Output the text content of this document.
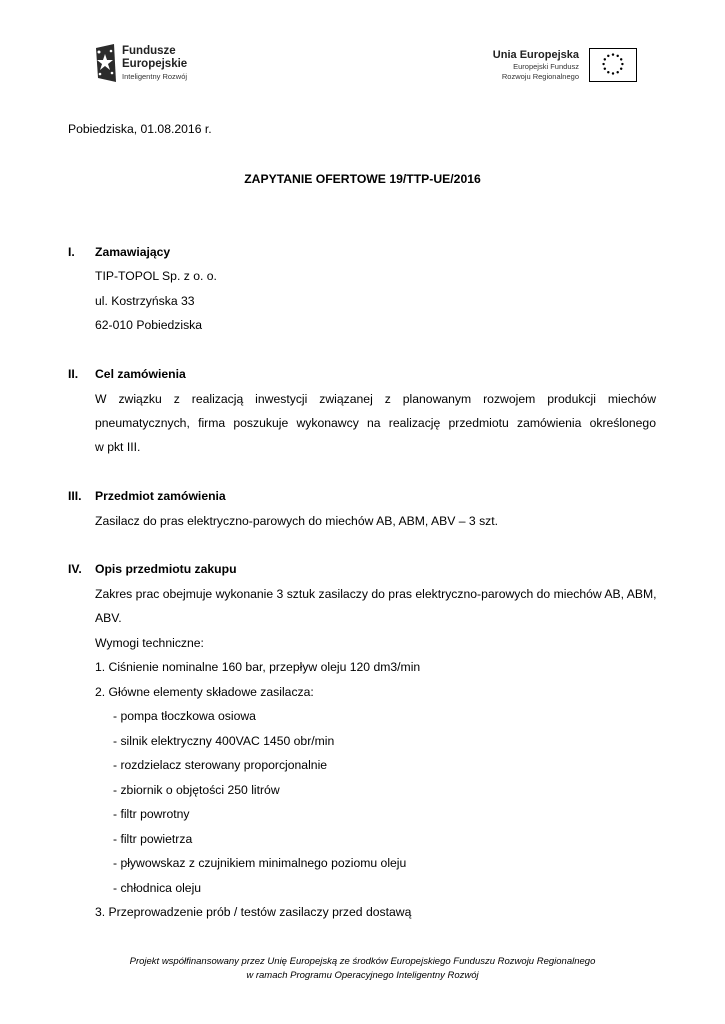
Fundusze
Europejskie
Inteligentny Rozwój
Unia Europejska
Europejski Fundusz
Rozwoju Regionalnego
Pobiedziska, 01.08.2016 r.
ZAPYTANIE OFERTOWE 19/TTP-UE/2016
I. Zamawiający
TIP-TOPOL Sp. z o. o.
ul. Kostrzyńska 33
62-010 Pobiedziska
II. Cel zamówienia
W związku z realizacją inwestycji związanej z planowanym rozwojem produkcji miechów
pneumatycznych, firma poszukuje wykonawcy na realizację przedmiotu zamówienia określonego
w pkt III.
III. Przedmiot zamówienia
Zasilacz do pras elektryczno-parowych do miechów AB, ABM, ABV – 3 szt.
IV. Opis przedmiotu zakupu
Zakres prac obejmuje wykonanie 3 sztuk zasilaczy do pras elektryczno-parowych do miechów AB, ABM,
ABV.
Wymogi techniczne:
1. Ciśnienie nominalne 160 bar, przepływ oleju 120 dm3/min
2. Główne elementy składowe zasilacza:
- pompa tłoczkowa osiowa
- silnik elektryczny 400VAC 1450 obr/min
- rozdzielacz sterowany proporcjonalnie
- zbiornik o objętości 250 litrów
- filtr powrotny
- filtr powietrza
- pływowskaz z czujnikiem minimalnego poziomu oleju
- chłodnica oleju
3. Przeprowadzenie prób / testów zasilaczy przed dostawą
Projekt współfinansowany przez Unię Europejską ze środków Europejskiego Funduszu Rozwoju Regionalnego
w ramach Programu Operacyjnego Inteligentny Rozwój
